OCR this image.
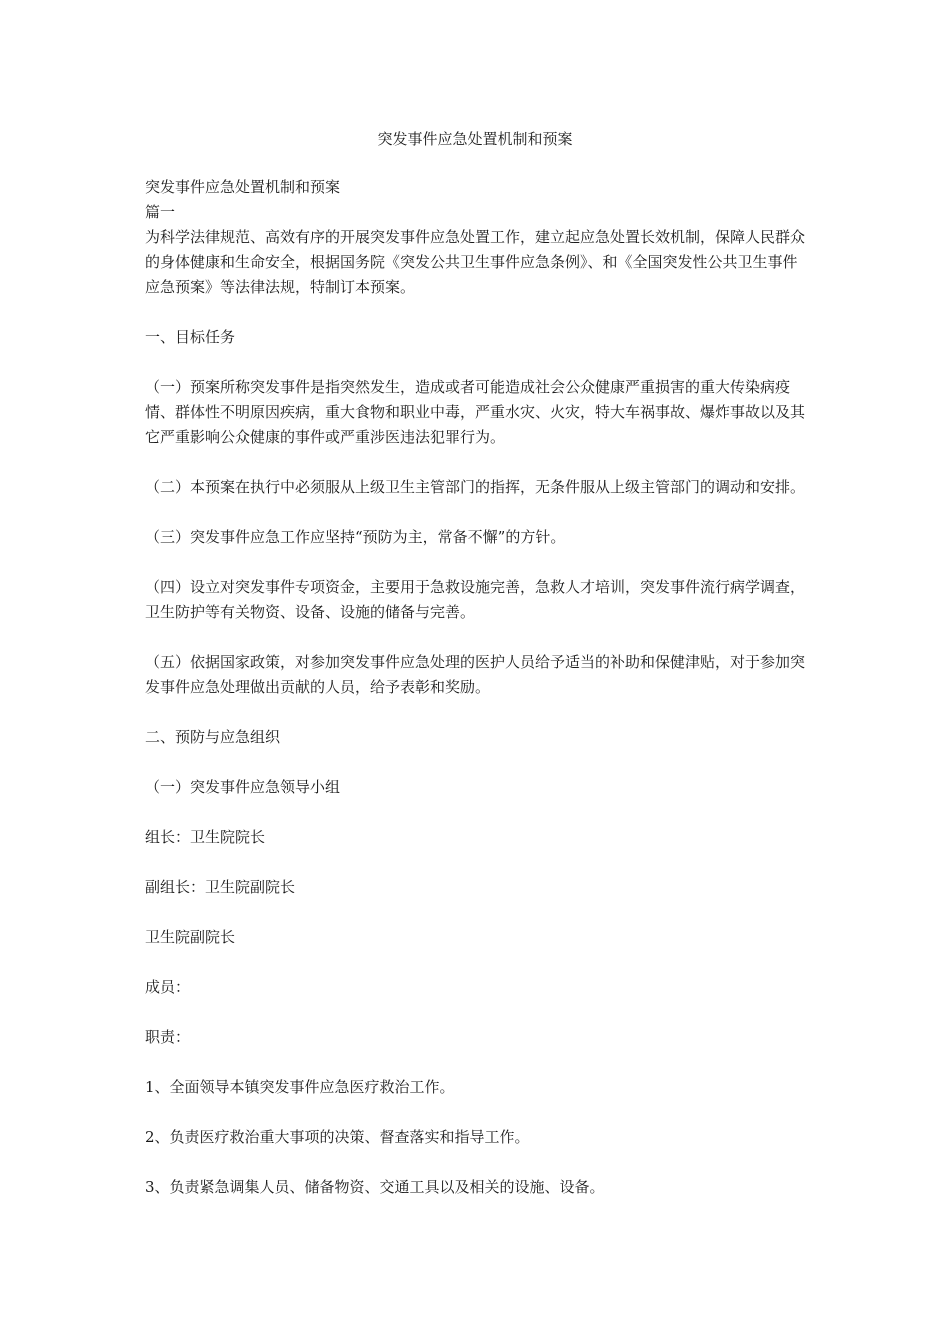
突发事件应急处置机制和预案

突发事件应急处置机制和预案

篇一

为科学法律规范、高效有序的开展突发事件应急处置工作，建立起应急处置长效机制，保障人民群众的身体健康和生命安全，根据国务院《突发公共卫生事件应急条例》、和《全国突发性公共卫生事件应急预案》等法律法规，特制订本预案。

一、目标任务

（一）预案所称突发事件是指突然发生，造成或者可能造成社会公众健康严重损害的重大传染病疫情、群体性不明原因疾病，重大食物和职业中毒，严重水灾、火灾，特大车祸事故、爆炸事故以及其它严重影响公众健康的事件或严重涉医违法犯罪行为。

（二）本预案在执行中必须服从上级卫生主管部门的指挥，无条件服从上级主管部门的调动和安排。

（三）突发事件应急工作应坚持“预防为主，常备不懈”的方针。

（四）设立对突发事件专项资金，主要用于急救设施完善，急救人才培训，突发事件流行病学调查，卫生防护等有关物资、设备、设施的储备与完善。

（五）依据国家政策，对参加突发事件应急处理的医护人员给予适当的补助和保健津贴，对于参加突发事件应急处理做出贡献的人员，给予表彰和奖励。

二、预防与应急组织

（一）突发事件应急领导小组

组长：卫生院院长

副组长：卫生院副院长

卫生院副院长

成员：

职责：

1、全面领导本镇突发事件应急医疗救治工作。

2、负责医疗救治重大事项的决策、督查落实和指导工作。

3、负责紧急调集人员、储备物资、交通工具以及相关的设施、设备。
